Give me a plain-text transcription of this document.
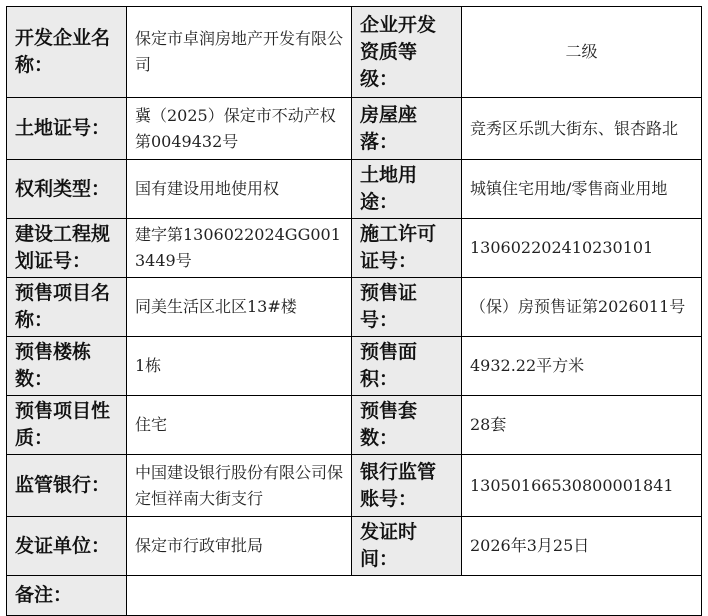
开发企业名称：	保定市卓润房地产开发有限公司	企业开发资质等级：	二级
土地证号：	冀（2025）保定市不动产权第0049432号	房屋座落：	竞秀区乐凯大街东、银杏路北
权利类型：	国有建设用地使用权	土地用途：	城镇住宅用地/零售商业用地
建设工程规划证号：	建字第1306022024GG0013449号	施工许可证号：	130602202410230101
预售项目名称：	同美生活区北区13#楼	预售证号：	（保）房预售证第2026011号
预售楼栋数：	1栋	预售面积：	4932.22平方米
预售项目性质：	住宅	预售套数：	28套
监管银行：	中国建设银行股份有限公司保定恒祥南大街支行	银行监管账号：	13050166530800001841
发证单位：	保定市行政审批局	发证时间：	2026年3月25日
备注：			
